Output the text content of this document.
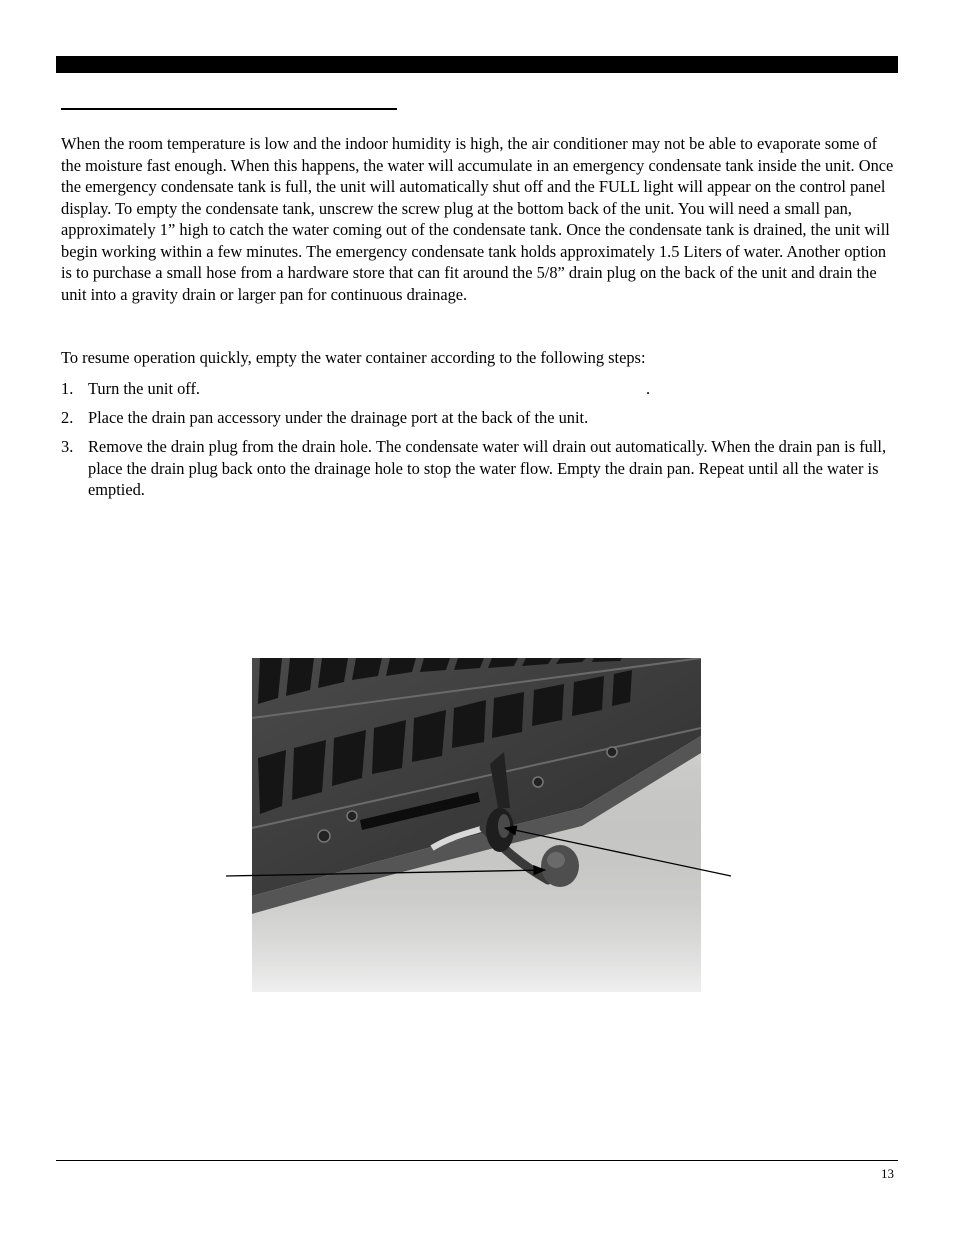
When the room temperature is low and the indoor humidity is high, the air conditioner may not be able to evaporate some of the moisture fast enough. When this happens, the water will accumulate in an emergency condensate tank inside the unit. Once the emergency condensate tank is full, the unit will automatically shut off and the FULL light will appear on the control panel display. To empty the condensate tank, unscrew the screw plug at the bottom back of the unit. You will need a small pan, approximately 1” high to catch the water coming out of the condensate tank. Once the condensate tank is drained, the unit will begin working within a few minutes. The emergency condensate tank holds approximately 1.5 Liters of water. Another option is to purchase a small hose from a hardware store that can fit around the 5/8” drain plug on the back of the unit and drain the unit into a gravity drain or larger pan for continuous drainage.

To resume operation quickly, empty the water container according to the following steps:

1. Turn the unit off.	.
2. Place the drain pan accessory under the drainage port at the back of the unit.
3. Remove the drain plug from the drain hole. The condensate water will drain out automatically. When the drain pan is full, place the drain plug back onto the drainage hole to stop the water flow. Empty the drain pan. Repeat until all the water is emptied.
13
